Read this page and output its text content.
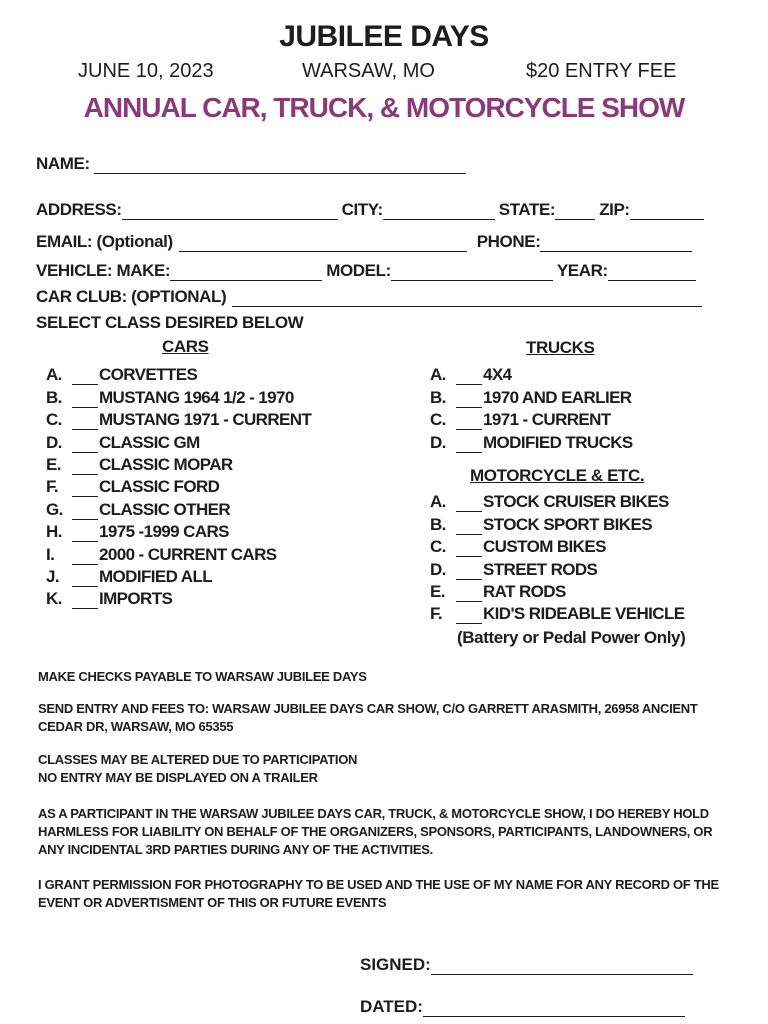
JUBILEE DAYS
JUNE 10, 2023	WARSAW, MO	$20 ENTRY FEE
ANNUAL CAR, TRUCK, & MOTORCYCLE SHOW
NAME:
ADDRESS:	CITY:	STATE:	ZIP:
EMAIL: (Optional)	PHONE:
VEHICLE: MAKE:	MODEL:	YEAR:
CAR CLUB: (OPTIONAL)
SELECT CLASS DESIRED BELOW
CARS
A.	CORVETTES
B.	MUSTANG 1964 1/2 - 1970
C.	MUSTANG 1971 - CURRENT
D.	CLASSIC GM
E.	CLASSIC MOPAR
F.	CLASSIC FORD
G.	CLASSIC OTHER
H.	1975 -1999 CARS
I.	2000 - CURRENT CARS
J.	MODIFIED ALL
K.	IMPORTS
TRUCKS
A.	4X4
B.	1970 AND EARLIER
C.	1971 - CURRENT
D.	MODIFIED TRUCKS
MOTORCYCLE & ETC.
A.	STOCK CRUISER BIKES
B.	STOCK SPORT BIKES
C.	CUSTOM BIKES
D.	STREET RODS
E.	RAT RODS
F.	KID'S RIDEABLE VEHICLE
(Battery or Pedal Power Only)
MAKE CHECKS PAYABLE TO WARSAW JUBILEE DAYS
SEND ENTRY AND FEES TO: WARSAW JUBILEE DAYS CAR SHOW, C/O GARRETT ARASMITH, 26958 ANCIENT CEDAR DR, WARSAW, MO 65355
CLASSES MAY BE ALTERED DUE TO PARTICIPATION
NO ENTRY MAY BE DISPLAYED ON A TRAILER
AS A PARTICIPANT IN THE WARSAW JUBILEE DAYS CAR, TRUCK, & MOTORCYCLE SHOW, I DO HEREBY HOLD HARMLESS FOR LIABILITY ON BEHALF OF THE ORGANIZERS, SPONSORS, PARTICIPANTS, LANDOWNERS, OR ANY INCIDENTAL 3RD PARTIES DURING ANY OF THE ACTIVITIES.
I GRANT PERMISSION FOR PHOTOGRAPHY TO BE USED AND THE USE OF MY NAME FOR ANY RECORD OF THE EVENT OR ADVERTISMENT OF THIS OR FUTURE EVENTS
SIGNED:
DATED:
